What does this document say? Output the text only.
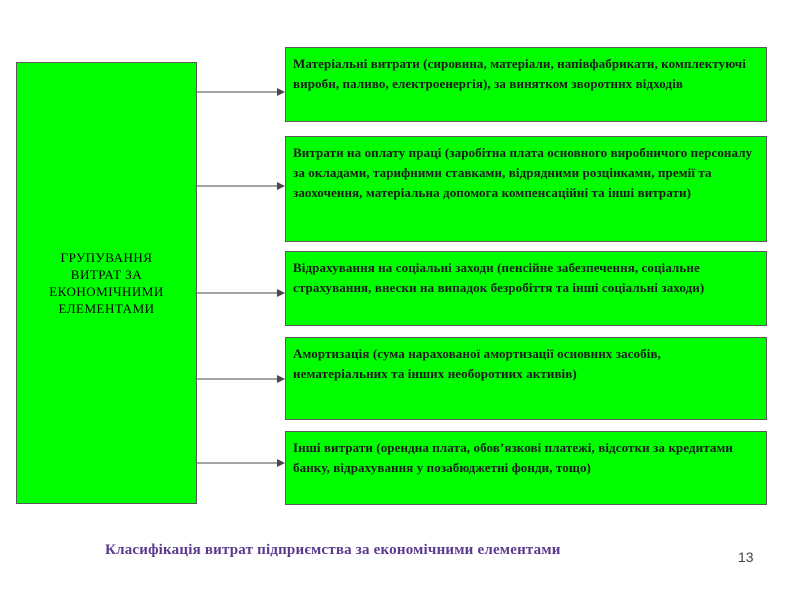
ГРУПУВАННЯ
ВИТРАТ ЗА
ЕКОНОМІЧНИМИ
ЕЛЕМЕНТАМИ
Матеріальні витрати (сировина, матеріали, напівфабрикати, комплектуючі вироби, паливо, електроенергія), за винятком зворотних відходів
Витрати на оплату праці (заробітна плата основного виробничого персоналу за окладами, тарифними ставками, відрядними розцінками, премії та заохочення, матеріальна допомога компенсаційні та інші витрати)
Відрахування на соціальні заходи (пенсійне забезпечення, соціальне страхування, внески на випадок безробіття та інші соціальні заходи)
Амортизація (сума нарахованої амортизації основних засобів, нематеріальних та інших необоротних активів)
Інші витрати (орендна плата, обов’язкові платежі, відсотки за кредитами банку, відрахування у позабюджетні фонди, тощо)
Класифікація витрат підприємства за економічними елементами	13
